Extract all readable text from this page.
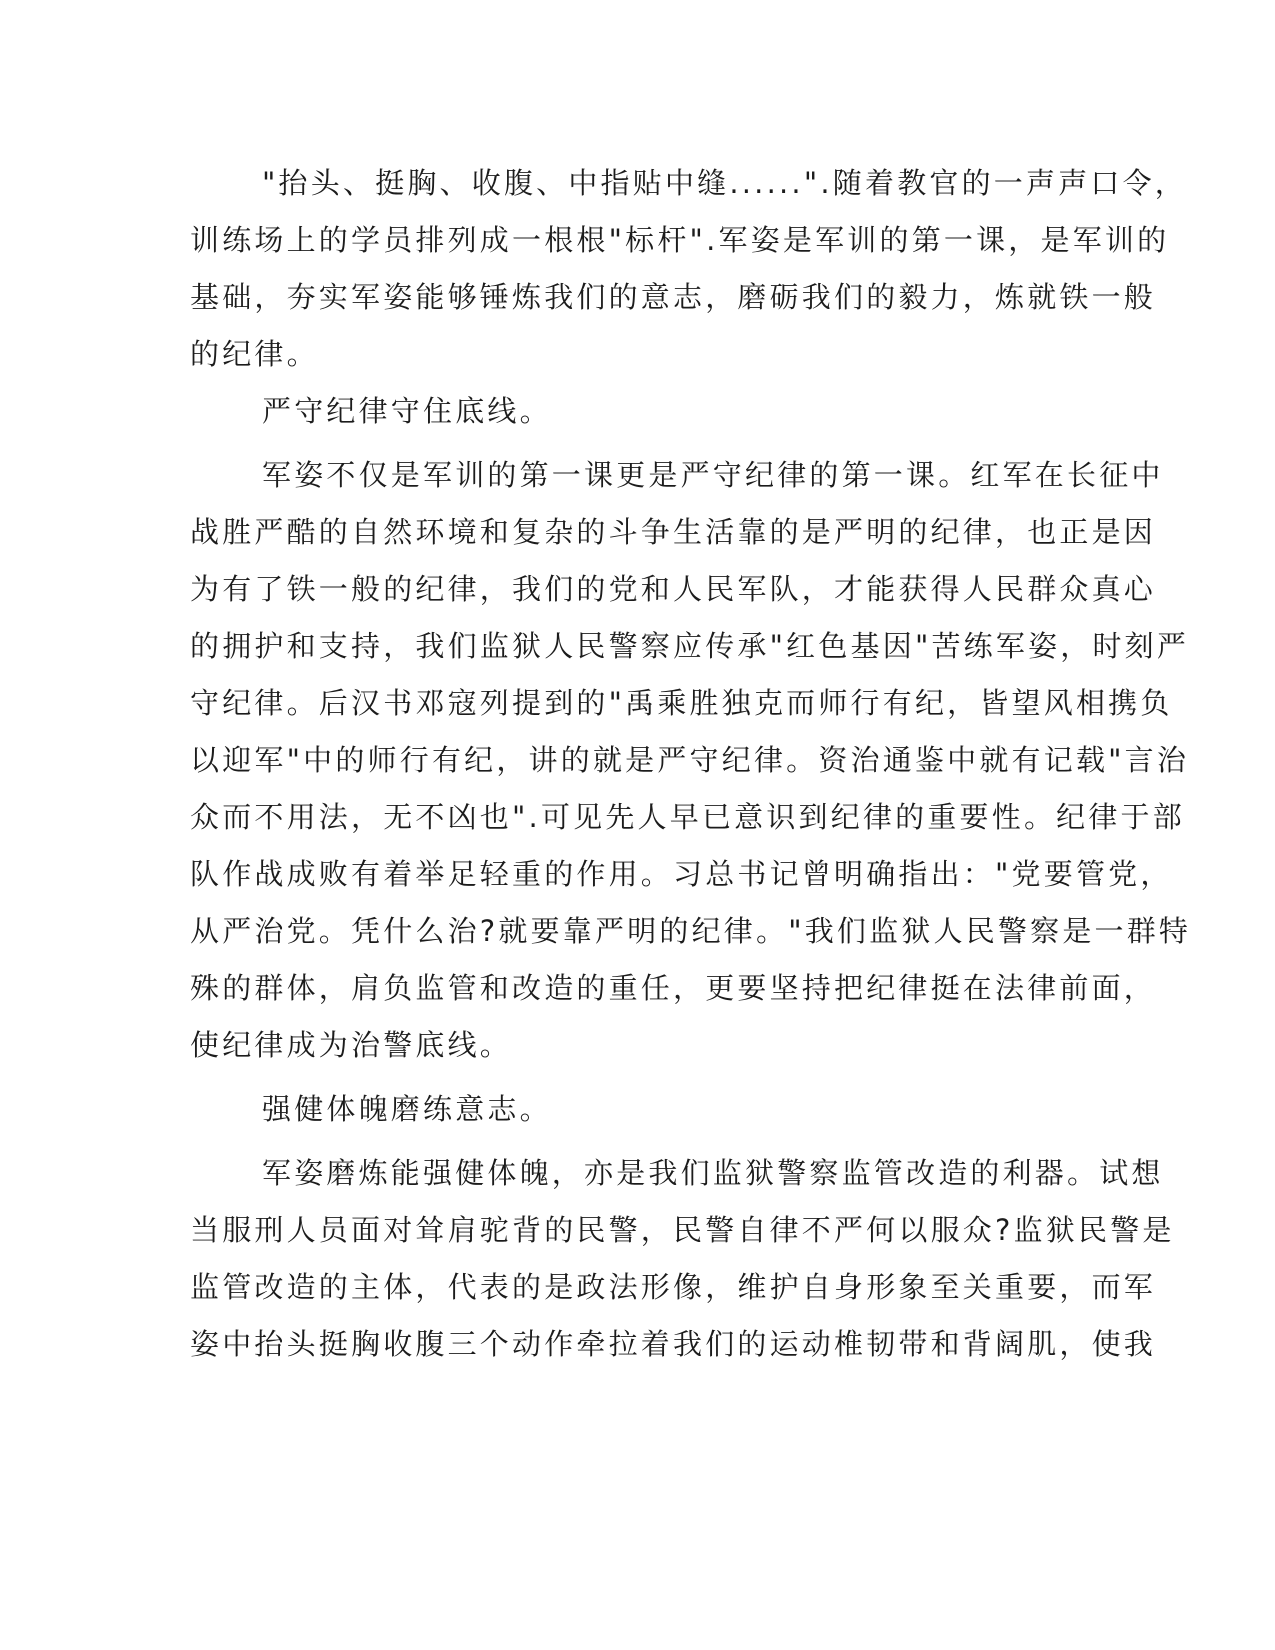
"抬头、挺胸、收腹、中指贴中缝......".随着教官的一声声口令，

训练场上的学员排列成一根根"标杆".军姿是军训的第一课，是军训的

基础，夯实军姿能够锤炼我们的意志，磨砺我们的毅力，炼就铁一般

的纪律。

严守纪律守住底线。

军姿不仅是军训的第一课更是严守纪律的第一课。红军在长征中

战胜严酷的自然环境和复杂的斗争生活靠的是严明的纪律，也正是因

为有了铁一般的纪律，我们的党和人民军队，才能获得人民群众真心

的拥护和支持，我们监狱人民警察应传承"红色基因"苦练军姿，时刻严

守纪律。后汉书邓寇列提到的"禹乘胜独克而师行有纪，皆望风相携负

以迎军"中的师行有纪，讲的就是严守纪律。资治通鉴中就有记载"言治

众而不用法，无不凶也".可见先人早已意识到纪律的重要性。纪律于部

队作战成败有着举足轻重的作用。习总书记曾明确指出："党要管党，

从严治党。凭什么治?就要靠严明的纪律。"我们监狱人民警察是一群特

殊的群体，肩负监管和改造的重任，更要坚持把纪律挺在法律前面，

使纪律成为治警底线。

强健体魄磨练意志。

军姿磨炼能强健体魄，亦是我们监狱警察监管改造的利器。试想

当服刑人员面对耸肩驼背的民警，民警自律不严何以服众?监狱民警是

监管改造的主体，代表的是政法形像，维护自身形象至关重要，而军

姿中抬头挺胸收腹三个动作牵拉着我们的运动椎韧带和背阔肌，使我
